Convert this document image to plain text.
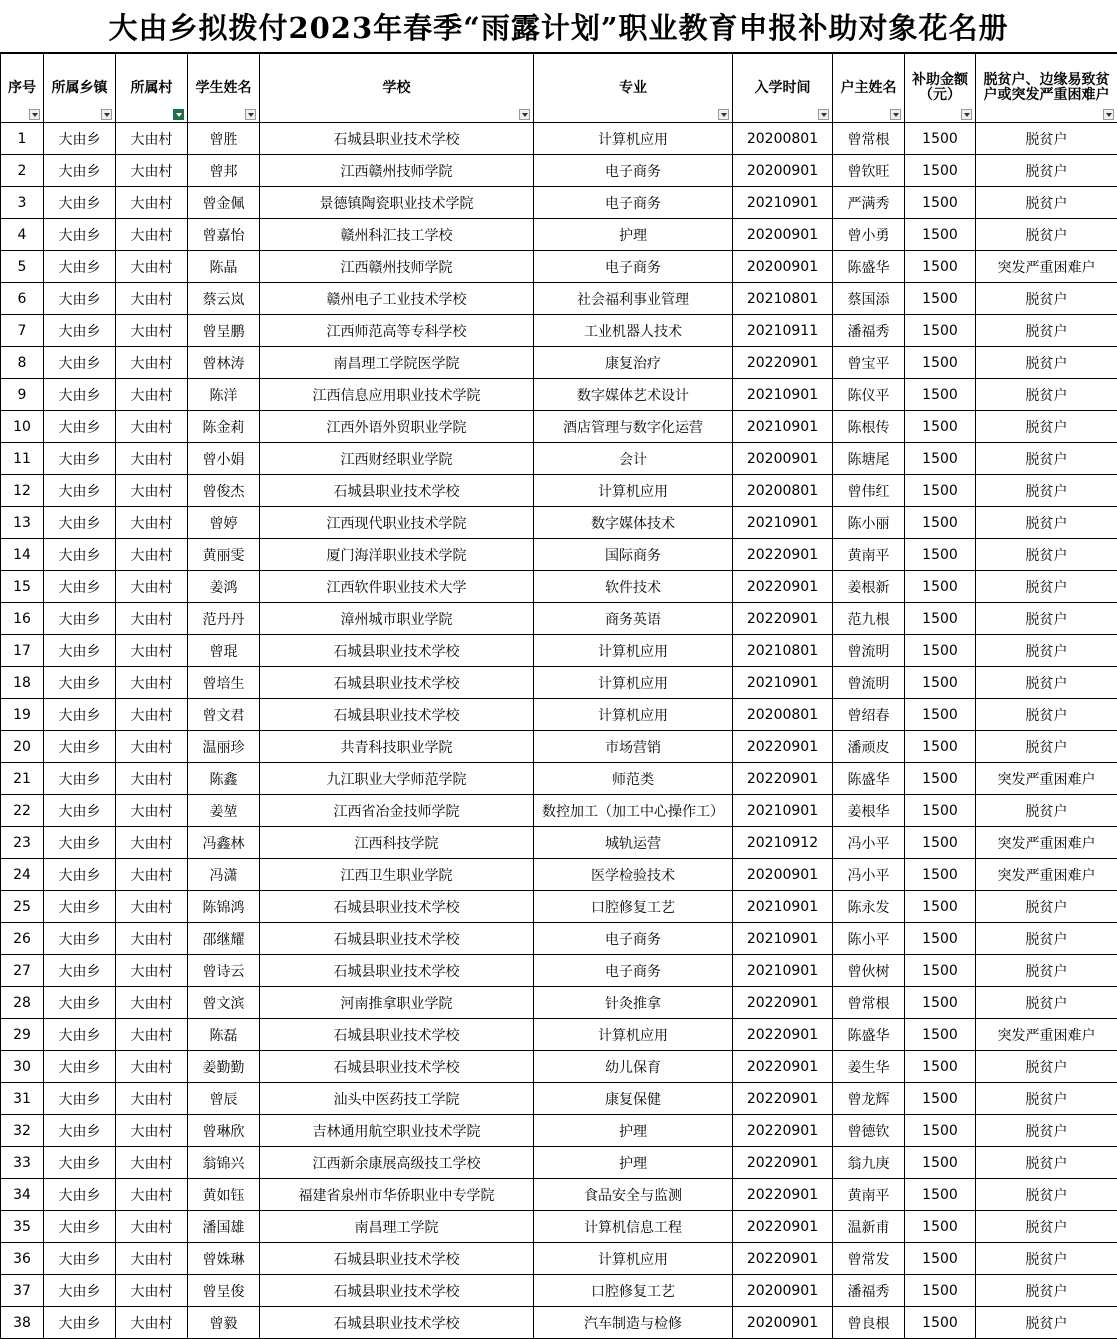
大由乡拟拨付2023年春季“雨露计划”职业教育申报补助对象花名册
序号	所属乡镇	所属村	学生姓名	学校	专业	入学时间	户主姓名	补助金额（元）	脱贫户、边缘易致贫户或突发严重困难户

1	大由乡	大由村	曾胜	石城县职业技术学校	计算机应用	20200801	曾常根	1500	脱贫户
2	大由乡	大由村	曾邦	江西赣州技师学院	电子商务	20200901	曾钦旺	1500	脱贫户
3	大由乡	大由村	曾金佩	景德镇陶瓷职业技术学院	电子商务	20210901	严满秀	1500	脱贫户
4	大由乡	大由村	曾嘉怡	赣州科汇技工学校	护理	20200901	曾小勇	1500	脱贫户
5	大由乡	大由村	陈晶	江西赣州技师学院	电子商务	20200901	陈盛华	1500	突发严重困难户
6	大由乡	大由村	蔡云岚	赣州电子工业技术学校	社会福利事业管理	20210801	蔡国添	1500	脱贫户
7	大由乡	大由村	曾呈鹏	江西师范高等专科学校	工业机器人技术	20210911	潘福秀	1500	脱贫户
8	大由乡	大由村	曾林涛	南昌理工学院医学院	康复治疗	20220901	曾宝平	1500	脱贫户
9	大由乡	大由村	陈洋	江西信息应用职业技术学院	数字媒体艺术设计	20210901	陈仪平	1500	脱贫户
10	大由乡	大由村	陈金莉	江西外语外贸职业学院	酒店管理与数字化运营	20210901	陈根传	1500	脱贫户
11	大由乡	大由村	曾小娟	江西财经职业学院	会计	20200901	陈塘尾	1500	脱贫户
12	大由乡	大由村	曾俊杰	石城县职业技术学校	计算机应用	20200801	曾伟红	1500	脱贫户
13	大由乡	大由村	曾婷	江西现代职业技术学院	数字媒体技术	20210901	陈小丽	1500	脱贫户
14	大由乡	大由村	黄丽雯	厦门海洋职业技术学院	国际商务	20220901	黄南平	1500	脱贫户
15	大由乡	大由村	姜鸿	江西软件职业技术大学	软件技术	20220901	姜根新	1500	脱贫户
16	大由乡	大由村	范丹丹	漳州城市职业学院	商务英语	20220901	范九根	1500	脱贫户
17	大由乡	大由村	曾琨	石城县职业技术学校	计算机应用	20210801	曾流明	1500	脱贫户
18	大由乡	大由村	曾培生	石城县职业技术学校	计算机应用	20210901	曾流明	1500	脱贫户
19	大由乡	大由村	曾文君	石城县职业技术学校	计算机应用	20200801	曾绍春	1500	脱贫户
20	大由乡	大由村	温丽珍	共青科技职业学院	市场营销	20220901	潘顽皮	1500	脱贫户
21	大由乡	大由村	陈鑫	九江职业大学师范学院	师范类	20220901	陈盛华	1500	突发严重困难户
22	大由乡	大由村	姜堃	江西省冶金技师学院	数控加工（加工中心操作工）	20210901	姜根华	1500	脱贫户
23	大由乡	大由村	冯鑫林	江西科技学院	城轨运营	20210912	冯小平	1500	突发严重困难户
24	大由乡	大由村	冯潇	江西卫生职业学院	医学检验技术	20200901	冯小平	1500	突发严重困难户
25	大由乡	大由村	陈锦鸿	石城县职业技术学校	口腔修复工艺	20210901	陈永发	1500	脱贫户
26	大由乡	大由村	邵继耀	石城县职业技术学校	电子商务	20210901	陈小平	1500	脱贫户
27	大由乡	大由村	曾诗云	石城县职业技术学校	电子商务	20210901	曾伙树	1500	脱贫户
28	大由乡	大由村	曾文滨	河南推拿职业学院	针灸推拿	20220901	曾常根	1500	脱贫户
29	大由乡	大由村	陈磊	石城县职业技术学校	计算机应用	20220901	陈盛华	1500	突发严重困难户
30	大由乡	大由村	姜勤勤	石城县职业技术学校	幼儿保育	20220901	姜生华	1500	脱贫户
31	大由乡	大由村	曾辰	汕头中医药技工学院	康复保健	20220901	曾龙辉	1500	脱贫户
32	大由乡	大由村	曾琳欣	吉林通用航空职业技术学院	护理	20220901	曾德钦	1500	脱贫户
33	大由乡	大由村	翁锦兴	江西新余康展高级技工学校	护理	20220901	翁九庚	1500	脱贫户
34	大由乡	大由村	黄如钰	福建省泉州市华侨职业中专学院	食品安全与监测	20220901	黄南平	1500	脱贫户
35	大由乡	大由村	潘国雄	南昌理工学院	计算机信息工程	20220901	温新甫	1500	脱贫户
36	大由乡	大由村	曾姝琳	石城县职业技术学校	计算机应用	20220901	曾常发	1500	脱贫户
37	大由乡	大由村	曾呈俊	石城县职业技术学校	口腔修复工艺	20200901	潘福秀	1500	脱贫户
38	大由乡	大由村	曾毅	石城县职业技术学校	汽车制造与检修	20200901	曾良根	1500	脱贫户
